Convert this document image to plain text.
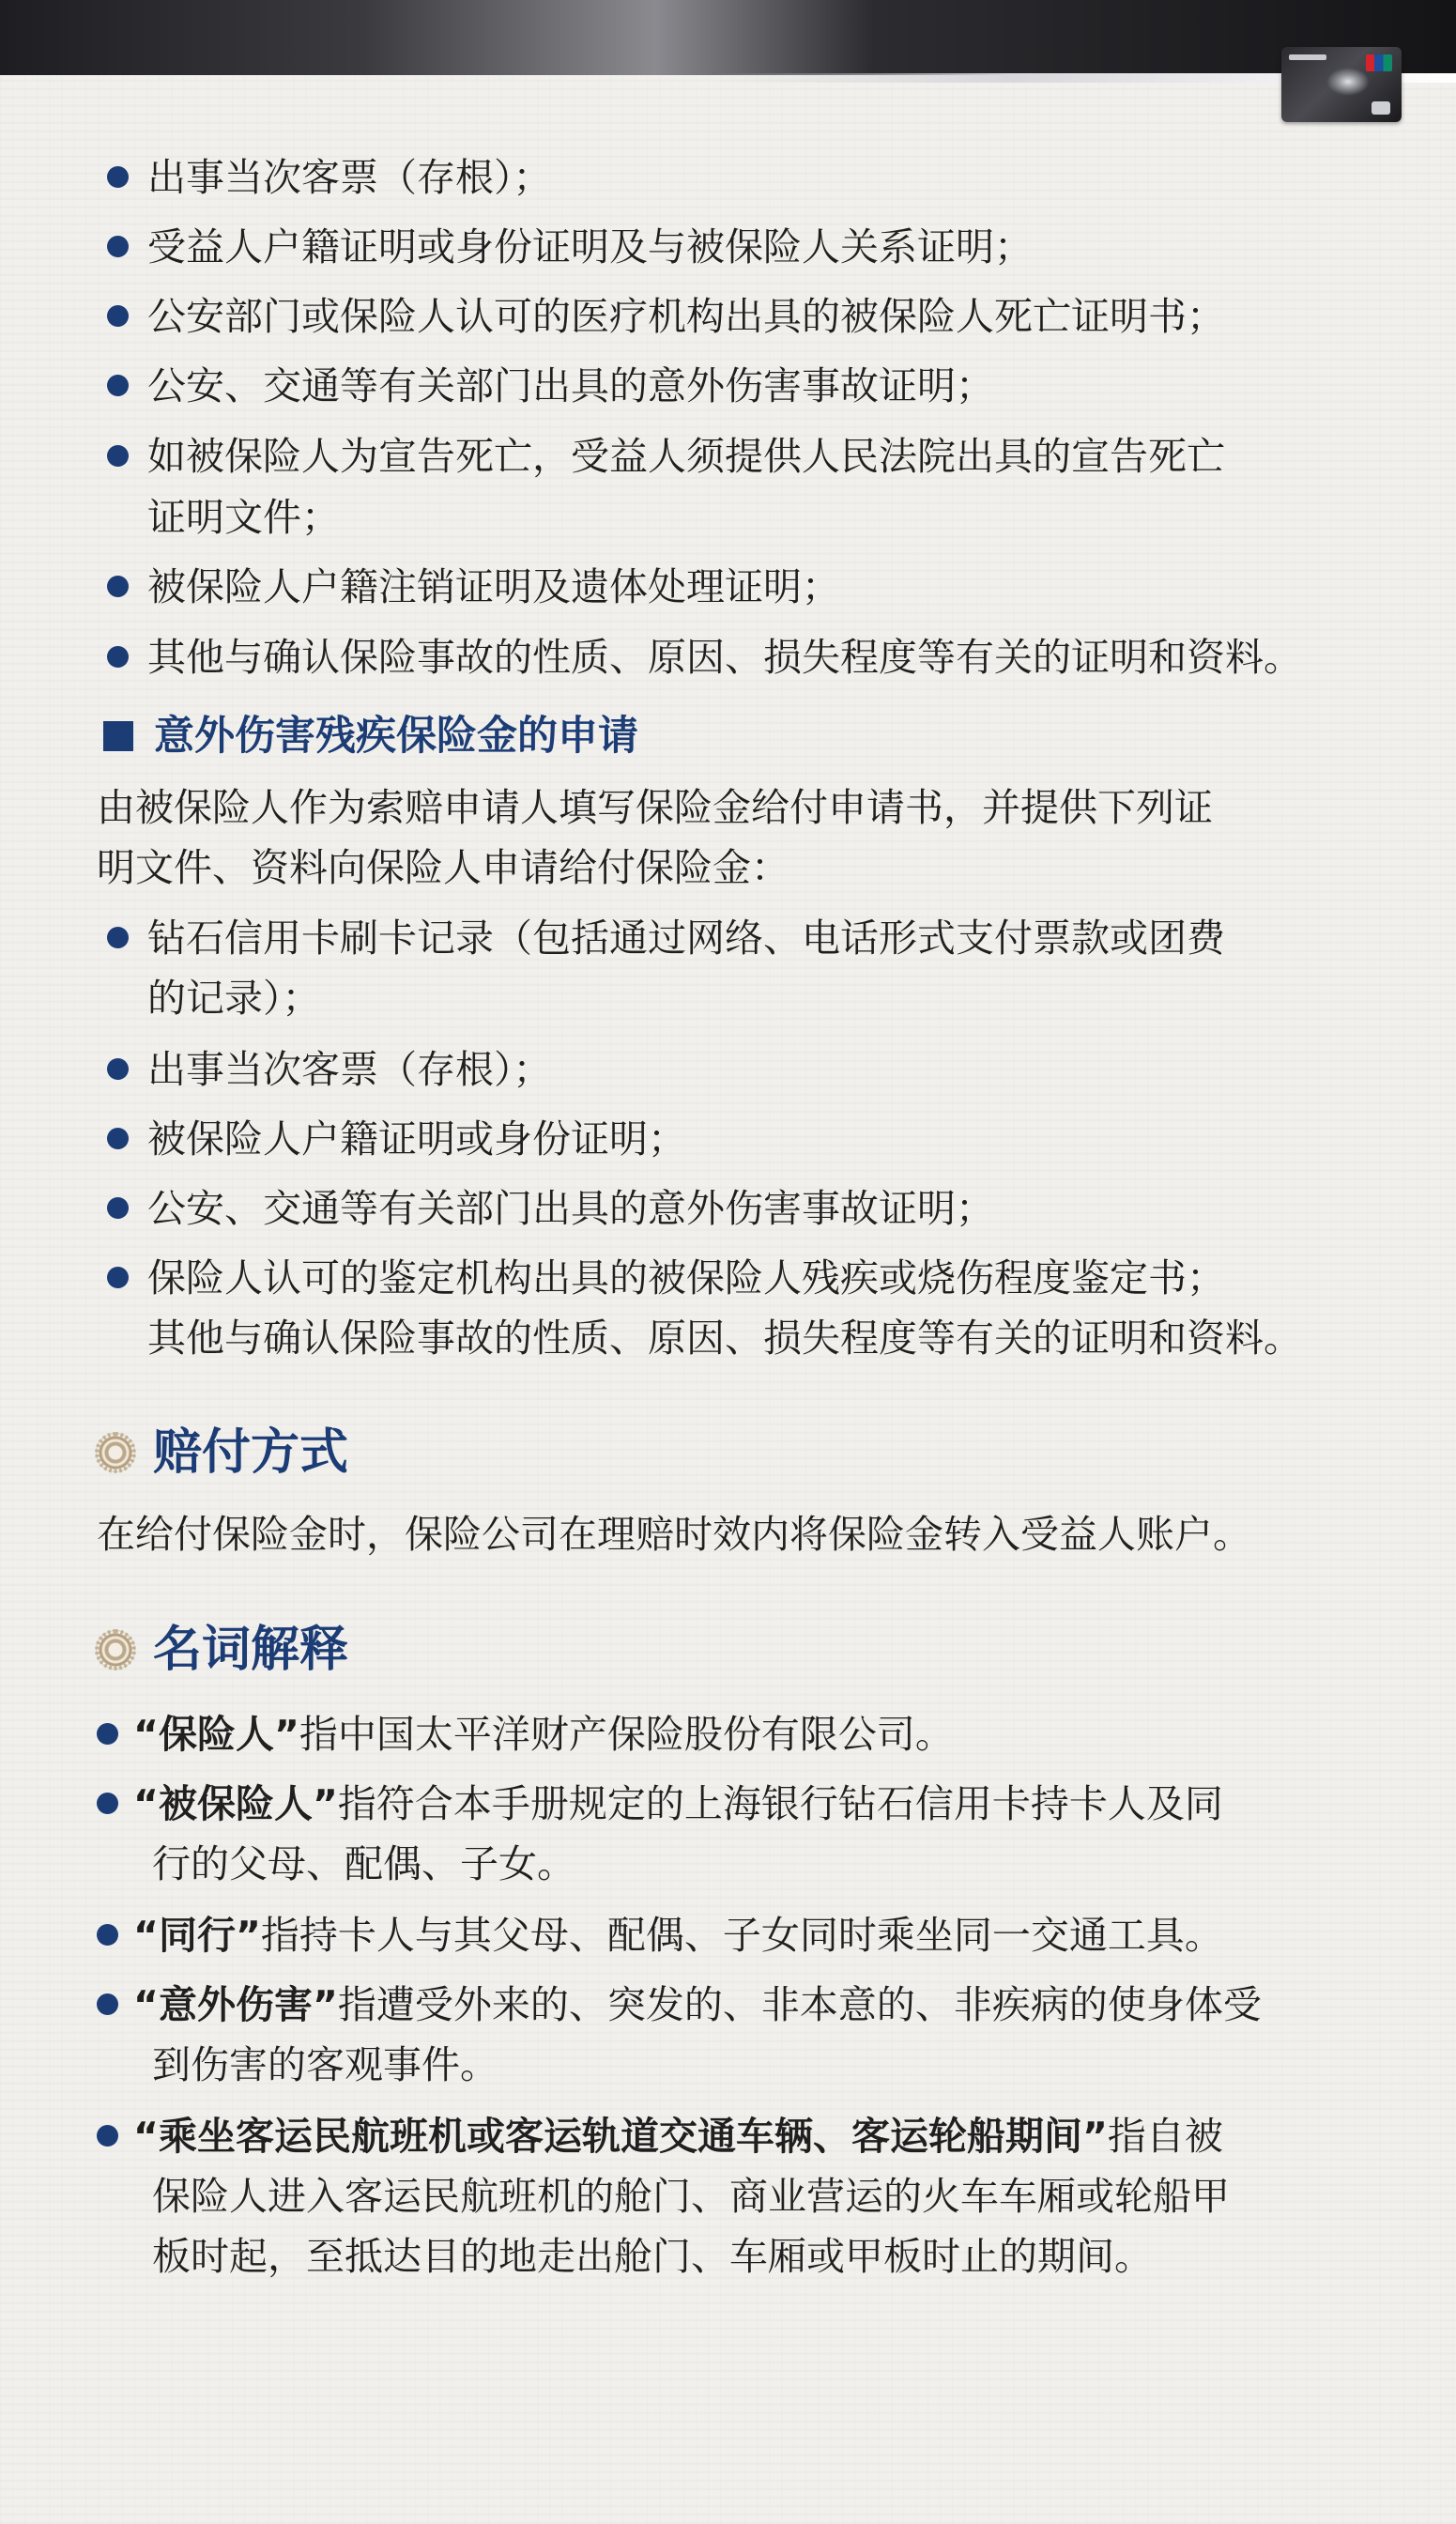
出事当次客票（存根）；
受益人户籍证明或身份证明及与被保险人关系证明；
公安部门或保险人认可的医疗机构出具的被保险人死亡证明书；
公安、交通等有关部门出具的意外伤害事故证明；
如被保险人为宣告死亡，受益人须提供人民法院出具的宣告死亡
证明文件；
被保险人户籍注销证明及遗体处理证明；
其他与确认保险事故的性质、原因、损失程度等有关的证明和资料。
意外伤害残疾保险金的申请
由被保险人作为索赔申请人填写保险金给付申请书，并提供下列证
明文件、资料向保险人申请给付保险金：
钻石信用卡刷卡记录（包括通过网络、电话形式支付票款或团费
的记录）；
出事当次客票（存根）；
被保险人户籍证明或身份证明；
公安、交通等有关部门出具的意外伤害事故证明；
保险人认可的鉴定机构出具的被保险人残疾或烧伤程度鉴定书；
其他与确认保险事故的性质、原因、损失程度等有关的证明和资料。
赔付方式
在给付保险金时，保险公司在理赔时效内将保险金转入受益人账户。
名词解释
“保险人”指中国太平洋财产保险股份有限公司。
“被保险人”指符合本手册规定的上海银行钻石信用卡持卡人及同
行的父母、配偶、子女。
“同行”指持卡人与其父母、配偶、子女同时乘坐同一交通工具。
“意外伤害”指遭受外来的、突发的、非本意的、非疾病的使身体受
到伤害的客观事件。
“乘坐客运民航班机或客运轨道交通车辆、客运轮船期间”指自被
保险人进入客运民航班机的舱门、商业营运的火车车厢或轮船甲
板时起，至抵达目的地走出舱门、车厢或甲板时止的期间。
